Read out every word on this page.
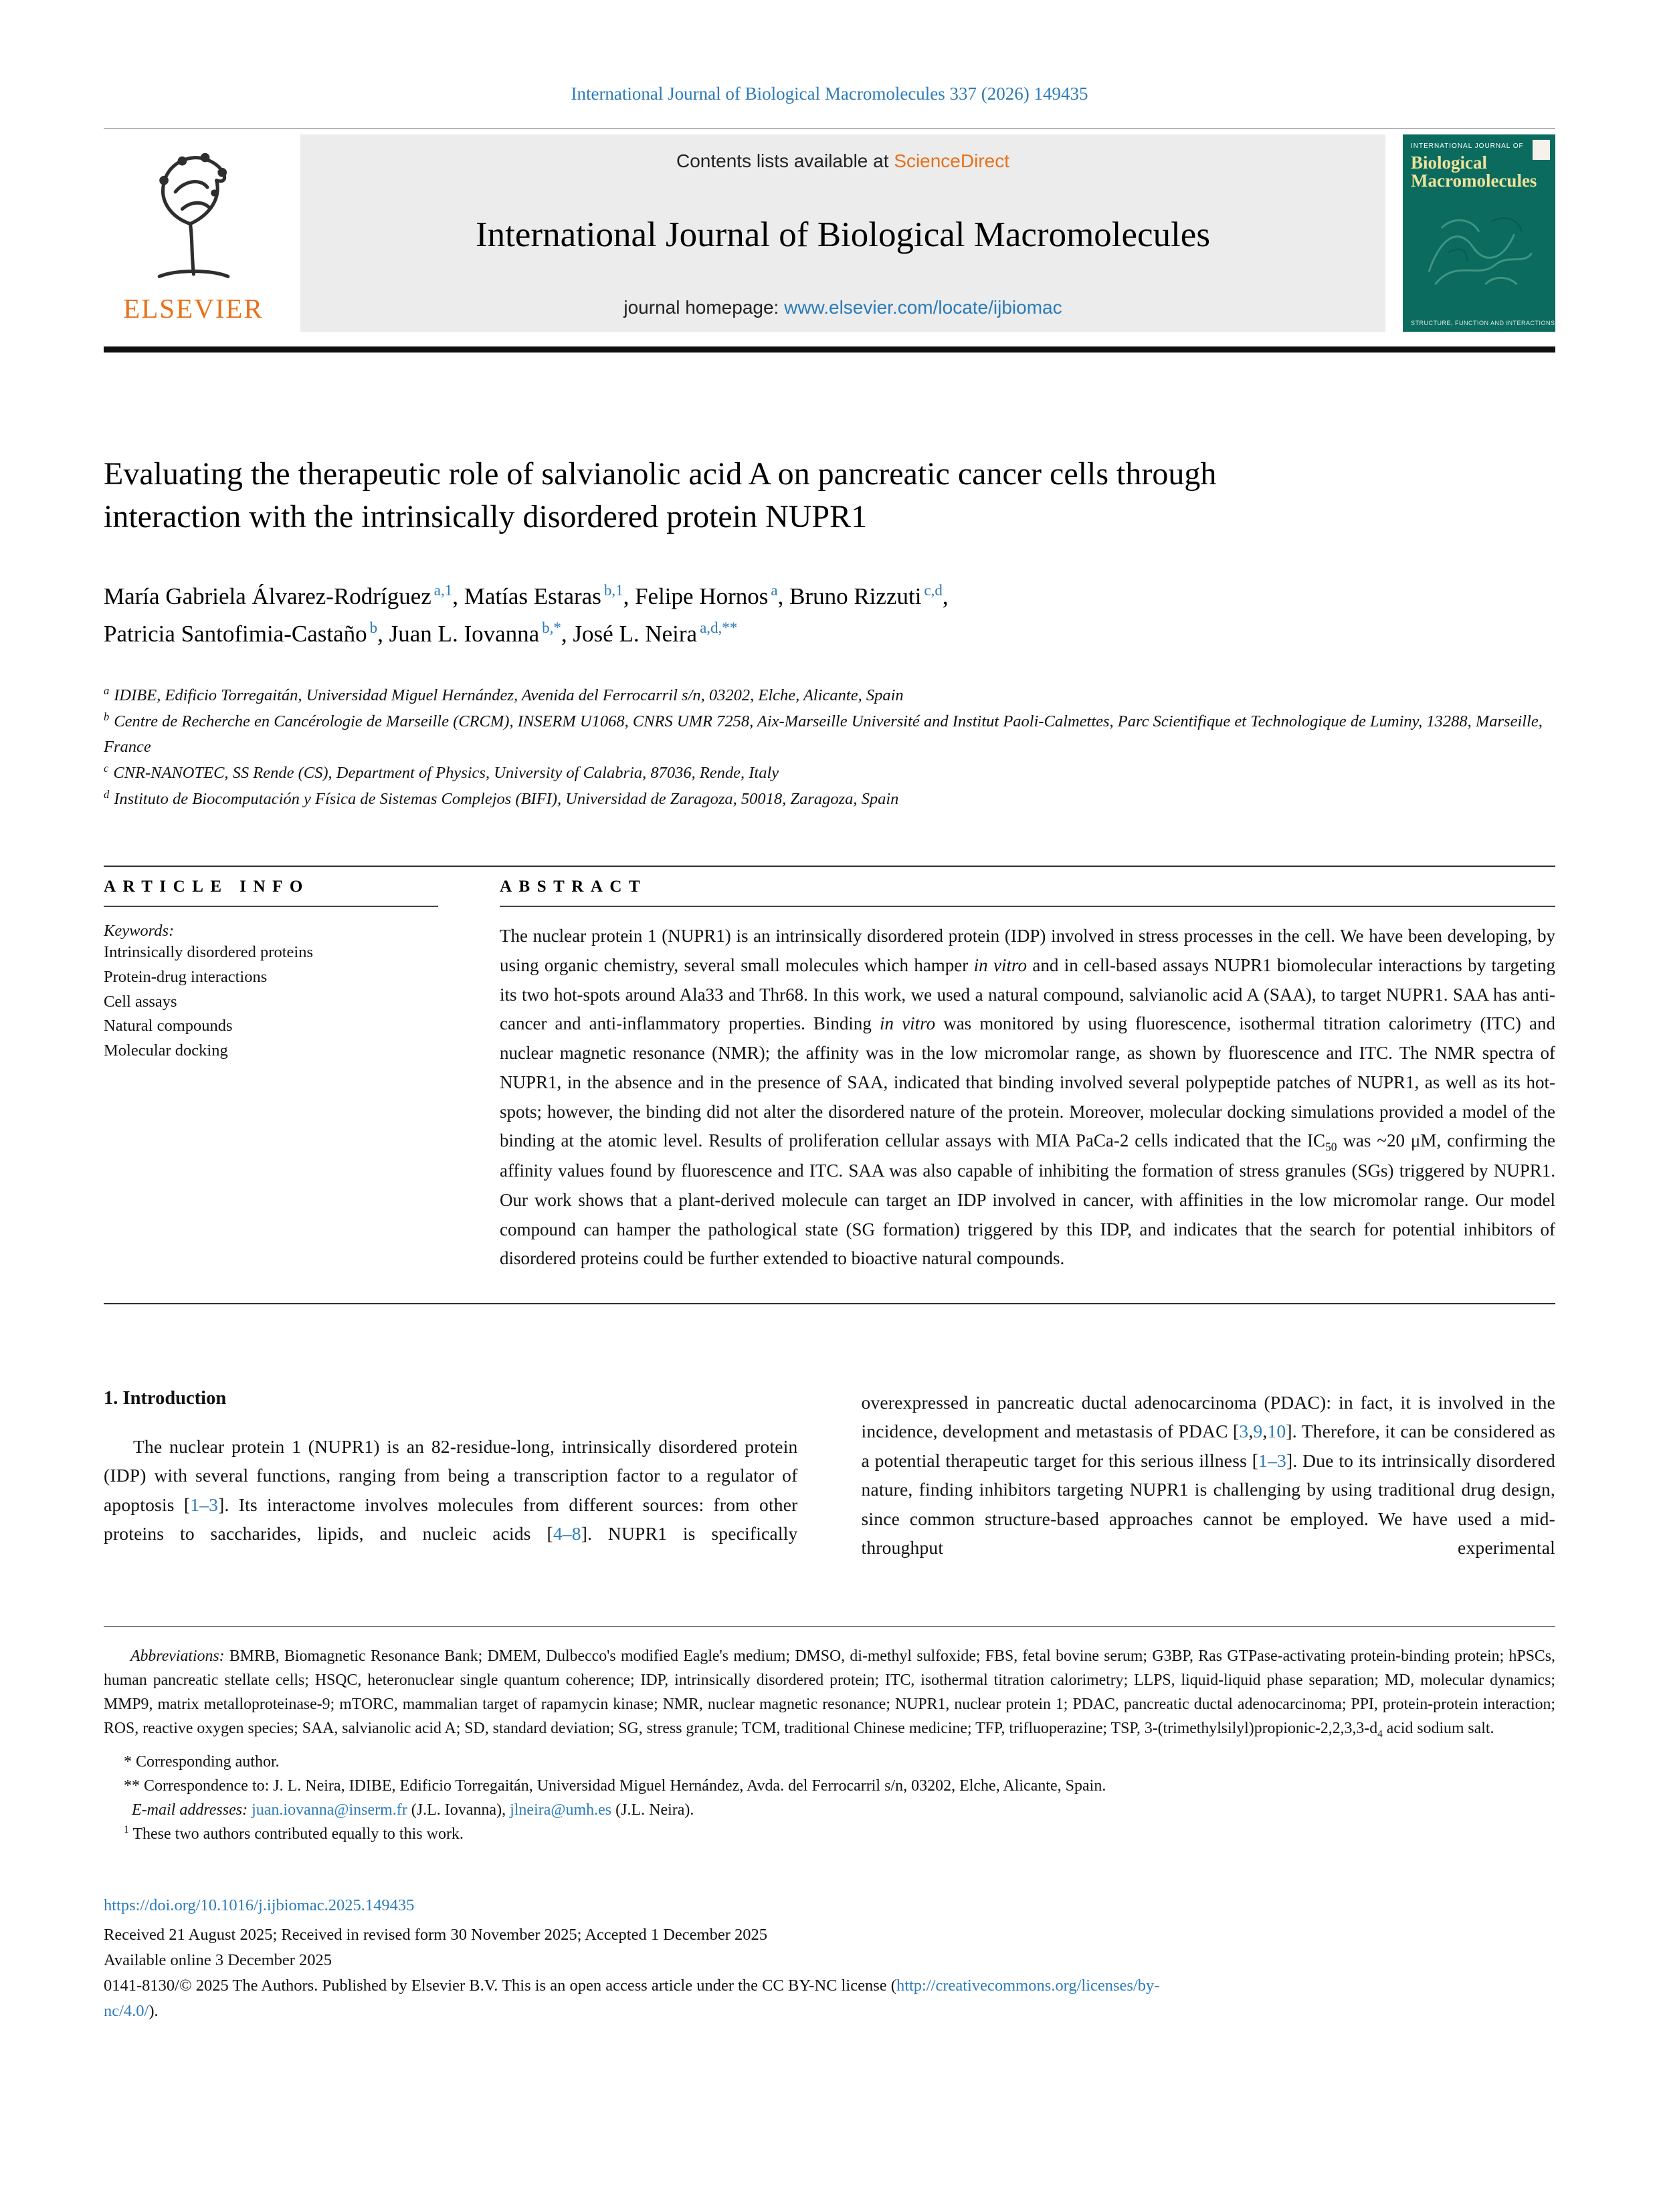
International Journal of Biological Macromolecules 337 (2026) 149435
ELSEVIER
Contents lists available at ScienceDirect
International Journal of Biological Macromolecules
journal homepage: www.elsevier.com/locate/ijbiomac
INTERNATIONAL JOURNAL OF
Biological
Macromolecules
STRUCTURE, FUNCTION AND INTERACTIONS
Evaluating the therapeutic role of salvianolic acid A on pancreatic cancer cells through interaction with the intrinsically disordered protein NUPR1
María Gabriela Álvarez-Rodríguez $^{a,1}$, Matías Estaras $^{b,1}$, Felipe Hornos $^a$, Bruno Rizzuti $^{c,d}$,
Patricia Santofimia-Castaño $^b$, Juan L. Iovanna $^{b,*}$, José L. Neira $^{a,d,**}$
$^a$ IDIBE, Edificio Torregaitán, Universidad Miguel Hernández, Avenida del Ferrocarril s/n, 03202, Elche, Alicante, Spain
$^b$ Centre de Recherche en Cancérologie de Marseille (CRCM), INSERM U1068, CNRS UMR 7258, Aix-Marseille Université and Institut Paoli-Calmettes, Parc Scientifique et Technologique de Luminy, 13288, Marseille, France
$^c$ CNR-NANOTEC, SS Rende (CS), Department of Physics, University of Calabria, 87036, Rende, Italy
$^d$ Instituto de Biocomputación y Física de Sistemas Complejos (BIFI), Universidad de Zaragoza, 50018, Zaragoza, Spain
ARTICLE INFO
Keywords:
Intrinsically disordered proteins
Protein-drug interactions
Cell assays
Natural compounds
Molecular docking
ABSTRACT

The nuclear protein 1 (NUPR1) is an intrinsically disordered protein (IDP) involved in stress processes in the cell. We have been developing, by using organic chemistry, several small molecules which hamper in vitro and in cell-based assays NUPR1 biomolecular interactions by targeting its two hot-spots around Ala33 and Thr68. In this work, we used a natural compound, salvianolic acid A (SAA), to target NUPR1. SAA has anti-cancer and anti-inflammatory properties. Binding in vitro was monitored by using fluorescence, isothermal titration calorimetry (ITC) and nuclear magnetic resonance (NMR); the affinity was in the low micromolar range, as shown by fluorescence and ITC. The NMR spectra of NUPR1, in the absence and in the presence of SAA, indicated that binding involved several polypeptide patches of NUPR1, as well as its hot-spots; however, the binding did not alter the disordered nature of the protein. Moreover, molecular docking simulations provided a model of the binding at the atomic level. Results of proliferation cellular assays with MIA PaCa-2 cells indicated that the $IC_{50}$ was ~20 μM, confirming the affinity values found by fluorescence and ITC. SAA was also capable of inhibiting the formation of stress granules (SGs) triggered by NUPR1. Our work shows that a plant-derived molecule can target an IDP involved in cancer, with affinities in the low micromolar range. Our model compound can hamper the pathological state (SG formation) triggered by this IDP, and indicates that the search for potential inhibitors of disordered proteins could be further extended to bioactive natural compounds.

1. Introduction

The nuclear protein 1 (NUPR1) is an 82-residue-long, intrinsically disordered protein (IDP) with several functions, ranging from being a transcription factor to a regulator of apoptosis [1–3]. Its interactome involves molecules from different sources: from other proteins to saccharides, lipids, and nucleic acids [4–8]. NUPR1 is specifically

overexpressed in pancreatic ductal adenocarcinoma (PDAC): in fact, it is involved in the incidence, development and metastasis of PDAC [3,9,10]. Therefore, it can be considered as a potential therapeutic target for this serious illness [1–3]. Due to its intrinsically disordered nature, finding inhibitors targeting NUPR1 is challenging by using traditional drug design, since common structure-based approaches cannot be employed. We have used a mid-throughput experimental

Abbreviations: BMRB, Biomagnetic Resonance Bank; DMEM, Dulbecco's modified Eagle's medium; DMSO, di-methyl sulfoxide; FBS, fetal bovine serum; G3BP, Ras GTPase-activating protein-binding protein; hPSCs, human pancreatic stellate cells; HSQC, heteronuclear single quantum coherence; IDP, intrinsically disordered protein; ITC, isothermal titration calorimetry; LLPS, liquid-liquid phase separation; MD, molecular dynamics; MMP9, matrix metalloproteinase-9; mTORC, mammalian target of rapamycin kinase; NMR, nuclear magnetic resonance; NUPR1, nuclear protein 1; PDAC, pancreatic ductal adenocarcinoma; PPI, protein-protein interaction; ROS, reactive oxygen species; SAA, salvianolic acid A; SD, standard deviation; SG, stress granule; TCM, traditional Chinese medicine; TFP, trifluoperazine; TSP, $3-(trimethylsilyl)propionic-2,2,3,3-d_4$ acid sodium salt.

* Corresponding author.

** Correspondence to: J. L. Neira, IDIBE, Edificio Torregaitán, Universidad Miguel Hernández, Avda. del Ferrocarril s/n, 03202, Elche, Alicante, Spain.

E-mail addresses: juan.iovanna@inserm.fr (J.L. Iovanna), jlneira@umh.es (J.L. Neira).

$^1$ These two authors contributed equally to this work.

https://doi.org/10.1016/j.ijbiomac.2025.149435
Received 21 August 2025; Received in revised form 30 November 2025; Accepted 1 December 2025
Available online 3 December 2025
0141-8130/© 2025 The Authors. Published by Elsevier B.V. This is an open access article under the CC BY-NC license (http://creativecommons.org/licenses/by-
nc/4.0/).
